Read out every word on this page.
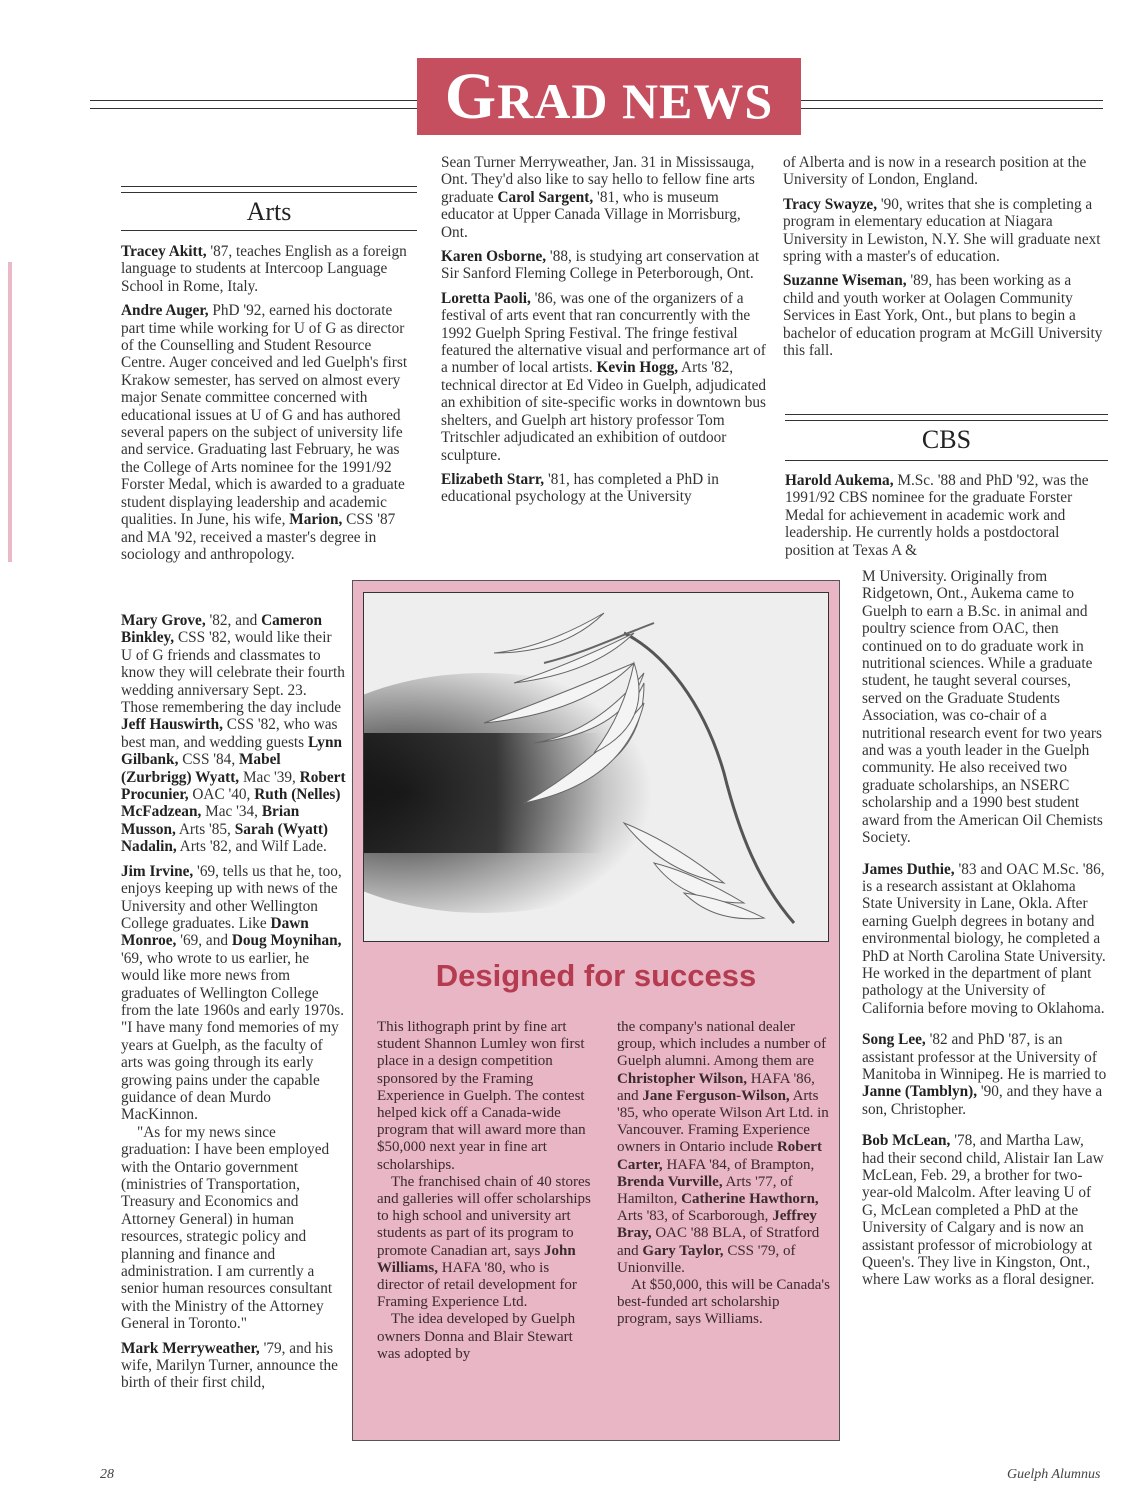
GRAD NEWS
Arts

Tracey Akitt, '87, teaches English as a foreign language to students at Intercoop Language School in Rome, Italy.

Andre Auger, PhD '92, earned his doctorate part time while working for U of G as director of the Counselling and Student Resource Centre. Auger conceived and led Guelph's first Krakow semester, has served on almost every major Senate committee concerned with educational issues at U of G and has authored several papers on the subject of university life and service. Graduating last February, he was the College of Arts nominee for the 1991/92 Forster Medal, which is awarded to a graduate student displaying leadership and academic qualities. In June, his wife, Marion, CSS '87 and MA '92, received a master's degree in sociology and anthropology.

Mary Grove, '82, and Cameron Binkley, CSS '82, would like their U of G friends and classmates to know they will celebrate their fourth wedding anniversary Sept. 23. Those remembering the day include Jeff Hauswirth, CSS '82, who was best man, and wedding guests Lynn Gilbank, CSS '84, Mabel (Zurbrigg) Wyatt, Mac '39, Robert Procunier, OAC '40, Ruth (Nelles) McFadzean, Mac '34, Brian Musson, Arts '85, Sarah (Wyatt) Nadalin, Arts '82, and Wilf Lade.

Jim Irvine, '69, tells us that he, too, enjoys keeping up with news of the University and other Wellington College graduates. Like Dawn Monroe, '69, and Doug Moynihan, '69, who wrote to us earlier, he would like more news from graduates of Wellington College from the late 1960s and early 1970s. "I have many fond memories of my years at Guelph, as the faculty of arts was going through its early growing pains under the capable guidance of dean Murdo MacKinnon.

"As for my news since graduation: I have been employed with the Ontario government (ministries of Transportation, Treasury and Economics and Attorney General) in human resources, strategic policy and planning and finance and administration. I am currently a senior human resources consultant with the Ministry of the Attorney General in Toronto."

Mark Merryweather, '79, and his wife, Marilyn Turner, announce the birth of their first child,

Sean Turner Merryweather, Jan. 31 in Mississauga, Ont. They'd also like to say hello to fellow fine arts graduate Carol Sargent, '81, who is museum educator at Upper Canada Village in Morrisburg, Ont.

Karen Osborne, '88, is studying art conservation at Sir Sanford Fleming College in Peterborough, Ont.

Loretta Paoli, '86, was one of the organizers of a festival of arts event that ran concurrently with the 1992 Guelph Spring Festival. The fringe festival featured the alternative visual and performance art of a number of local artists. Kevin Hogg, Arts '82, technical director at Ed Video in Guelph, adjudicated an exhibition of site-specific works in downtown bus shelters, and Guelph art history professor Tom Tritschler adjudicated an exhibition of outdoor sculpture.

Elizabeth Starr, '81, has completed a PhD in educational psychology at the University

of Alberta and is now in a research position at the University of London, England.

Tracy Swayze, '90, writes that she is completing a program in elementary education at Niagara University in Lewiston, N.Y. She will graduate next spring with a master's of education.

Suzanne Wiseman, '89, has been working as a child and youth worker at Oolagen Community Services in East York, Ont., but plans to begin a bachelor of education program at McGill University this fall.

CBS

Harold Aukema, M.Sc. '88 and PhD '92, was the 1991/92 CBS nominee for the graduate Forster Medal for achievement in academic work and leadership. He currently holds a postdoctoral position at Texas A &

M University. Originally from Ridgetown, Ont., Aukema came to Guelph to earn a B.Sc. in animal and poultry science from OAC, then continued on to do graduate work in nutritional sciences. While a graduate student, he taught several courses, served on the Graduate Students Association, was co-chair of a nutritional research event for two years and was a youth leader in the Guelph community. He also received two graduate scholarships, an NSERC scholarship and a 1990 best student award from the American Oil Chemists Society.

James Duthie, '83 and OAC M.Sc. '86, is a research assistant at Oklahoma State University in Lane, Okla. After earning Guelph degrees in botany and environmental biology, he completed a PhD at North Carolina State University. He worked in the department of plant pathology at the University of California before moving to Oklahoma.

Song Lee, '82 and PhD '87, is an assistant professor at the University of Manitoba in Winnipeg. He is married to Janne (Tamblyn), '90, and they have a son, Christopher.

Bob McLean, '78, and Martha Law, had their second child, Alistair Ian Law McLean, Feb. 29, a brother for two-year-old Malcolm. After leaving U of G, McLean completed a PhD at the University of Calgary and is now an assistant professor of microbiology at Queen's. They live in Kingston, Ont., where Law works as a floral designer.

Designed for success

This lithograph print by fine art student Shannon Lumley won first place in a design competition sponsored by the Framing Experience in Guelph. The contest helped kick off a Canada-wide program that will award more than $50,000 next year in fine art scholarships.

The franchised chain of 40 stores and galleries will offer scholarships to high school and university art students as part of its program to promote Canadian art, says John Williams, HAFA '80, who is director of retail development for Framing Experience Ltd.

The idea developed by Guelph owners Donna and Blair Stewart was adopted by

the company's national dealer group, which includes a number of Guelph alumni. Among them are Christopher Wilson, HAFA '86, and Jane Ferguson-Wilson, Arts '85, who operate Wilson Art Ltd. in Vancouver. Framing Experience owners in Ontario include Robert Carter, HAFA '84, of Brampton, Brenda Vurville, Arts '77, of Hamilton, Catherine Hawthorn, Arts '83, of Scarborough, Jeffrey Bray, OAC '88 BLA, of Stratford and Gary Taylor, CSS '79, of Unionville.

At $50,000, this will be Canada's best-funded art scholarship program, says Williams.

28	Guelph Alumnus
